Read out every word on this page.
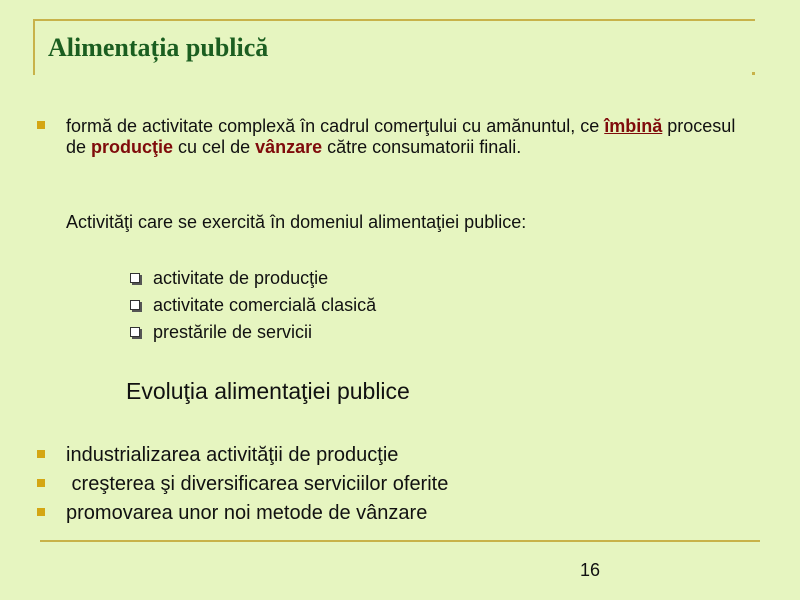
Alimentația publică

formă de activitate complexă în cadrul comerţului cu amănuntul, ce îmbină procesul de producţie cu cel de vânzare către consumatorii finali.

Activităţi care se exercită în domeniul alimentaţiei publice:

activitate de producţie
activitate comercială clasică
prestările de servicii
Evoluţia alimentaţiei publice
industrializarea activităţii de producţie
creşterea şi diversificarea serviciilor oferite
promovarea unor noi metode de vânzare
16
